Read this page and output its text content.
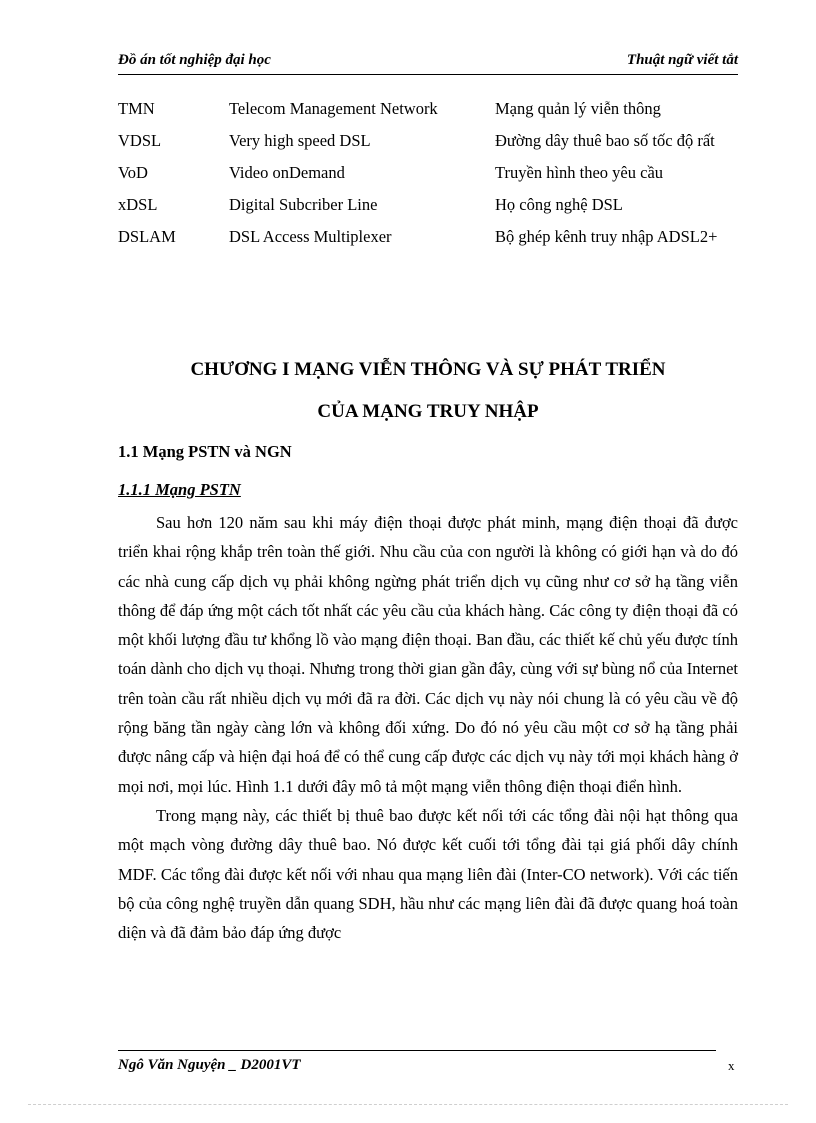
Đồ án tốt nghiệp đại học	Thuật ngữ viết tắt
TMN	Telecom Management Network	Mạng quản lý viễn thông
VDSL	Very high speed DSL	Đường dây thuê bao số tốc độ rất
VoD	Video onDemand	Truyền hình theo yêu cầu
xDSL	Digital Subcriber Line	Họ công nghệ DSL
DSLAM	DSL Access Multiplexer	Bộ ghép kênh truy nhập ADSL2+
CHƯƠNG I MẠNG VIỄN THÔNG VÀ SỰ PHÁT TRIỂN
CỦA MẠNG TRUY NHẬP
1.1 Mạng PSTN và NGN
1.1.1 Mạng PSTN

Sau hơn 120 năm sau khi máy điện thoại được phát minh, mạng điện thoại đã được triển khai rộng khắp trên toàn thế giới. Nhu cầu của con người là không có giới hạn và do đó các nhà cung cấp dịch vụ phải không ngừng phát triển dịch vụ cũng như cơ sở hạ tầng viễn thông để đáp ứng một cách tốt nhất các yêu cầu của khách hàng. Các công ty điện thoại đã có một khối lượng đầu tư khổng lồ vào mạng điện thoại. Ban đầu, các thiết kế chủ yếu được tính toán dành cho dịch vụ thoại. Nhưng trong thời gian gần đây, cùng với sự bùng nổ của Internet trên toàn cầu rất nhiều dịch vụ mới đã ra đời. Các dịch vụ này nói chung là có yêu cầu về độ rộng băng tần ngày càng lớn và không đối xứng. Do đó nó yêu cầu một cơ sở hạ tầng phải được nâng cấp và hiện đại hoá để có thể cung cấp được các dịch vụ này tới mọi khách hàng ở mọi nơi, mọi lúc. Hình 1.1 dưới đây mô tả một mạng viễn thông điện thoại điển hình.

Trong mạng này, các thiết bị thuê bao được kết nối tới các tổng đài nội hạt thông qua một mạch vòng đường dây thuê bao. Nó được kết cuối tới tổng đài tại giá phối dây chính MDF. Các tổng đài được kết nối với nhau qua mạng liên đài (Inter-CO network). Với các tiến bộ của công nghệ truyền dẫn quang SDH, hầu như các mạng liên đài đã được quang hoá toàn diện và đã đảm bảo đáp ứng được

Ngô Văn Nguyện _ D2001VT	x
